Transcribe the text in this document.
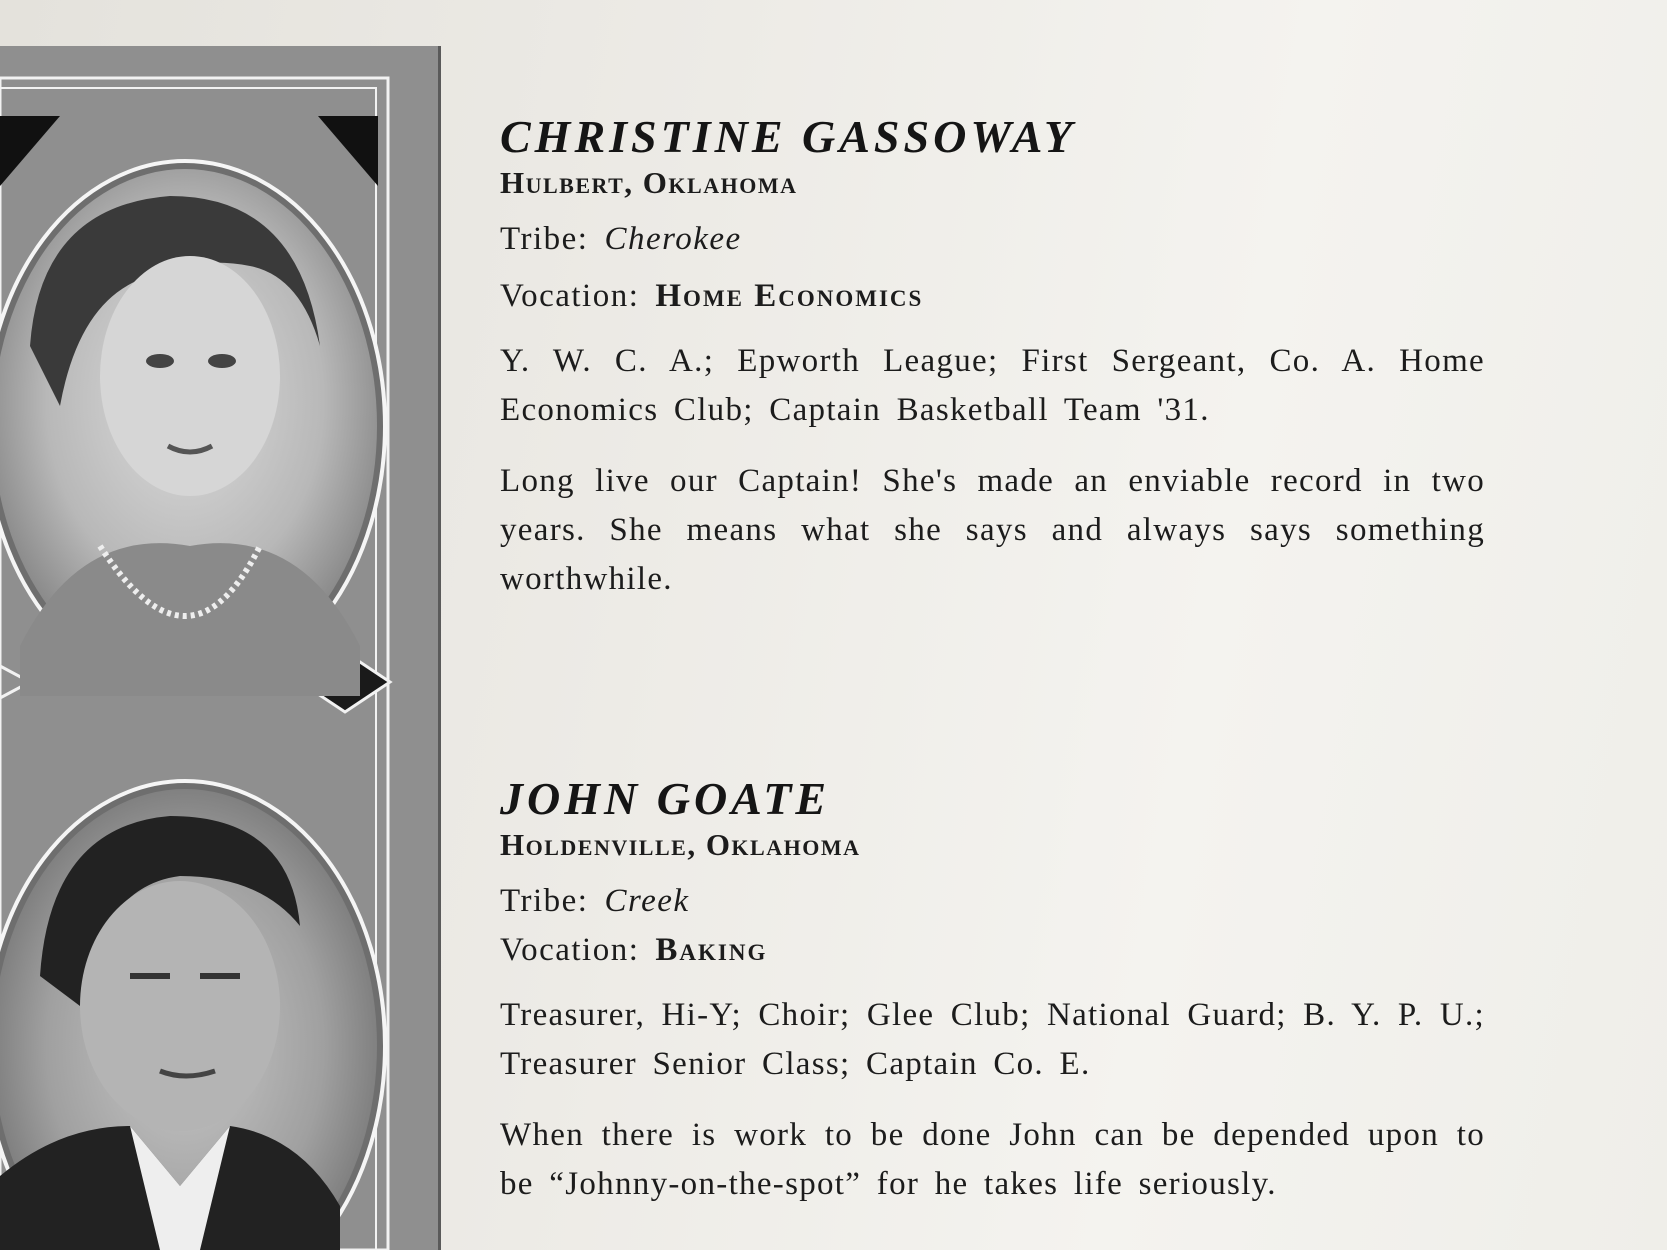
CHRISTINE GASSOWAY
Hulbert, Oklahoma
Tribe: Cherokee
Vocation: Home Economics
Y. W. C. A.; Epworth League; First Sergeant, Co. A. Home Economics Club; Captain Basketball Team '31.
Long live our Captain! She's made an enviable record in two years. She means what she says and always says something worthwhile.
JOHN GOATE
Holdenville, Oklahoma
Tribe: Creek
Vocation: Baking
Treasurer, Hi-Y; Choir; Glee Club; National Guard; B. Y. P. U.; Treasurer Senior Class; Captain Co. E.
When there is work to be done John can be depended upon to be “Johnny-on-the-spot” for he takes life seriously.
